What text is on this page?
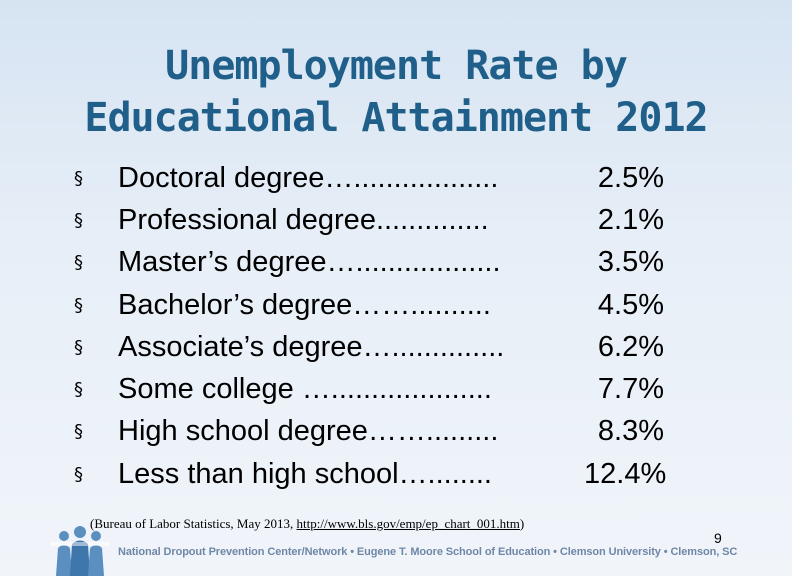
Unemployment Rate by
Educational Attainment 2012
§	Doctoral degree…..................	2.5%
§	Professional degree..............	2.1%
§	Master’s degree…..................	3.5%
§	Bachelor’s degree……..........	4.5%
§	Associate’s degree…..............	6.2%
§	Some college …....................	7.7%
§	High school degree…….........	8.3%
§	Less than high school…........	12.4%
(Bureau of Labor Statistics, May 2013, http://www.bls.gov/emp/ep_chart_001.htm)
9
National Dropout Prevention Center/Network • Eugene T. Moore School of Education • Clemson University • Clemson, SC
